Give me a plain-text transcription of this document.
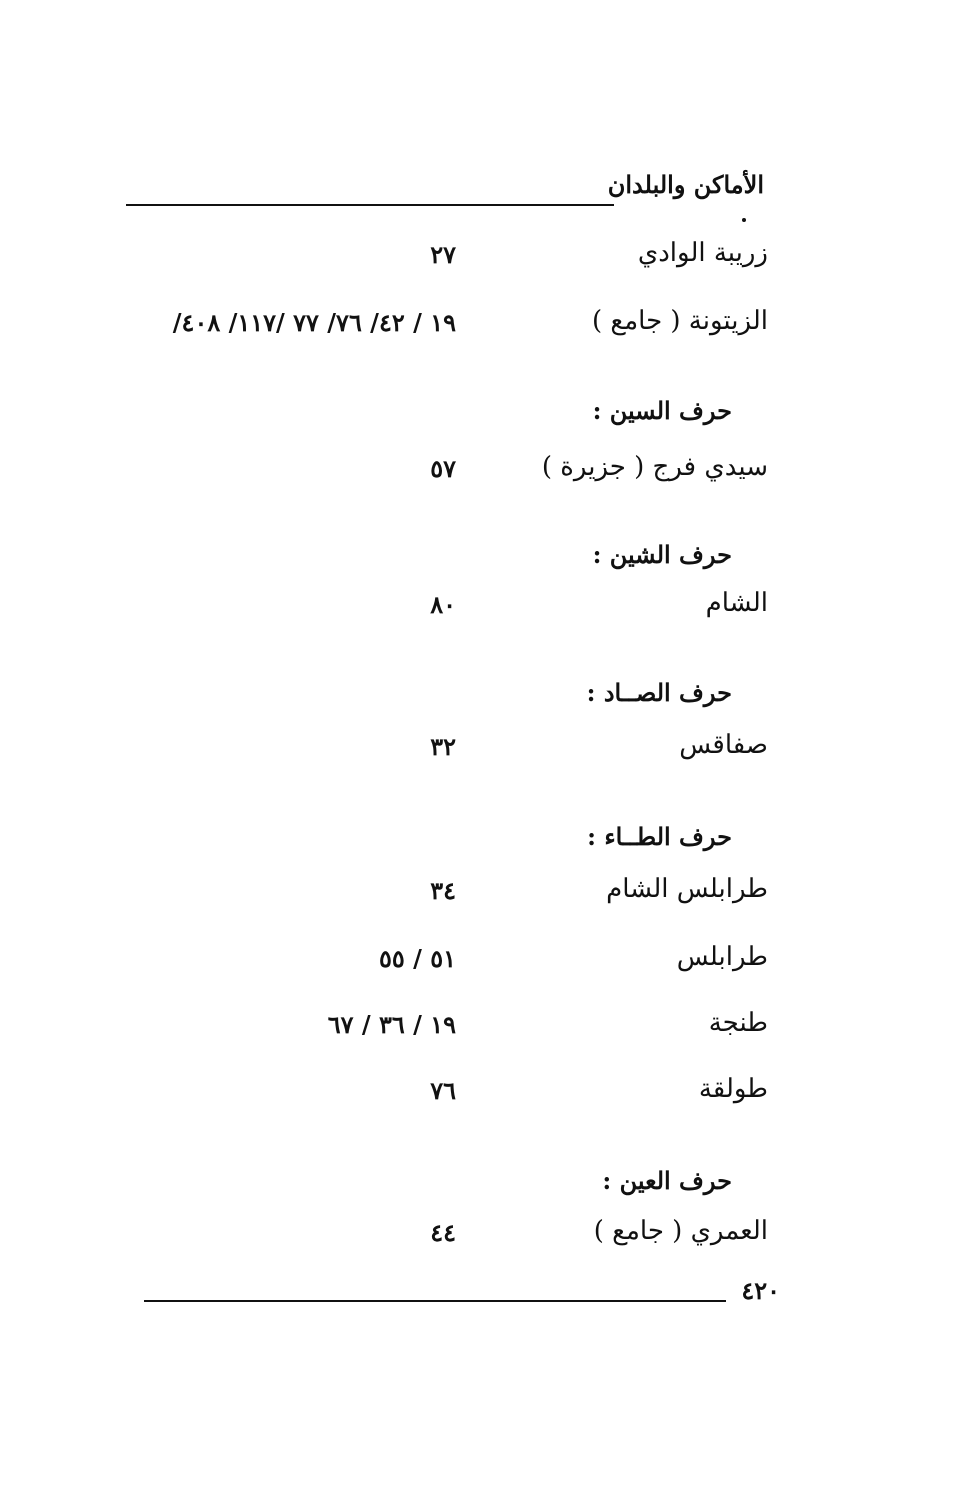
الأماكن والبلدان
زريبة الوادي
٢٧
الزيتونة ( جامع )
١٩ / ٤٢/ ٧٦/ ٧٧ /١١٧/ ٤٠٨/
حرف السين :
سيدي فرج ( جزيرة )
٥٧
حرف الشين :
الشام
٨٠
حرف الصــاد :
صفاقس
٣٢
حرف الطــاء :
طرابلس الشام
٣٤
طرابلس
٥١ / ٥٥
طنجة
١٩ / ٣٦ / ٦٧
طولقة
٧٦
حرف العين :
العمري ( جامع )
٤٤
٤٢٠
